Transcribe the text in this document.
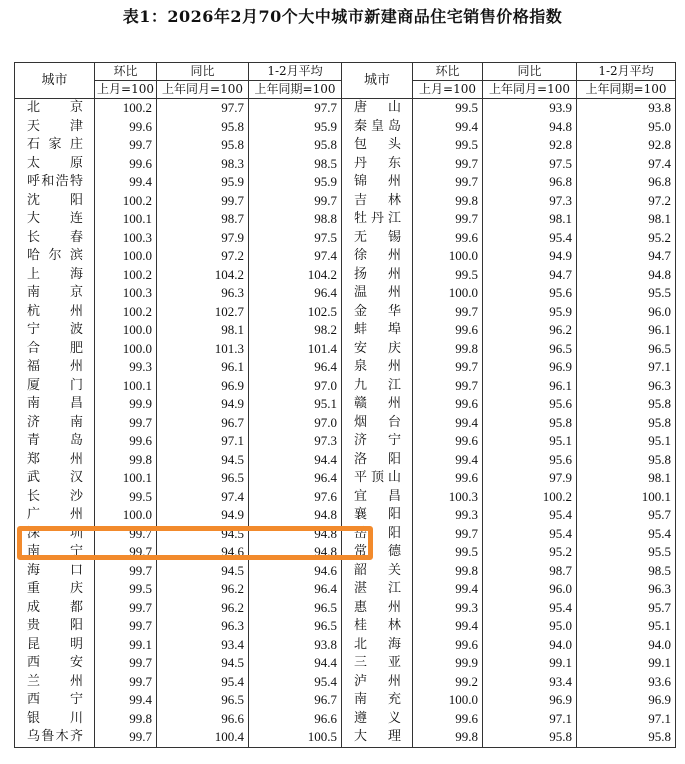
表1：2026年2月70个大中城市新建商品住宅销售价格指数
城市	环比	同比	1-2月平均	城市	环比	同比	1-2月平均
	上月=100	上年同月=100	上年同期=100		上月=100	上年同月=100	上年同期=100
北京	100.2	97.7	97.7	唐山	99.5	93.9	93.8
天津	99.6	95.8	95.9	秦皇岛	99.4	94.8	95.0
石家庄	99.7	95.8	95.8	包头	99.5	92.8	92.8
太原	99.6	98.3	98.5	丹东	99.7	97.5	97.4
呼和浩特	99.4	95.9	95.9	锦州	99.7	96.8	96.8
沈阳	100.2	99.7	99.7	吉林	99.8	97.3	97.2
大连	100.1	98.7	98.8	牡丹江	99.7	98.1	98.1
长春	100.3	97.9	97.5	无锡	99.6	95.4	95.2
哈尔滨	100.0	97.2	97.4	徐州	100.0	94.9	94.7
上海	100.2	104.2	104.2	扬州	99.5	94.7	94.8
南京	100.3	96.3	96.4	温州	100.0	95.6	95.5
杭州	100.2	102.7	102.5	金华	99.7	95.9	96.0
宁波	100.0	98.1	98.2	蚌埠	99.6	96.2	96.1
合肥	100.0	101.3	101.4	安庆	99.8	96.5	96.5
福州	99.3	96.1	96.4	泉州	99.7	96.9	97.1
厦门	100.1	96.9	97.0	九江	99.7	96.1	96.3
南昌	99.9	94.9	95.1	赣州	99.6	95.6	95.8
济南	99.7	96.7	97.0	烟台	99.4	95.8	95.8
青岛	99.6	97.1	97.3	济宁	99.6	95.1	95.1
郑州	99.8	94.5	94.4	洛阳	99.4	95.6	95.8
武汉	100.1	96.5	96.4	平顶山	99.6	97.9	98.1
长沙	99.5	97.4	97.6	宜昌	100.3	100.2	100.1
广州	100.0	94.9	94.8	襄阳	99.3	95.4	95.7
深圳	99.7	94.5	94.8	岳阳	99.7	95.4	95.4
南宁	99.7	94.6	94.8	常德	99.5	95.2	95.5
海口	99.7	94.5	94.6	韶关	99.8	98.7	98.5
重庆	99.5	96.2	96.4	湛江	99.4	96.0	96.3
成都	99.7	96.2	96.5	惠州	99.3	95.4	95.7
贵阳	99.7	96.3	96.5	桂林	99.4	95.0	95.1
昆明	99.1	93.4	93.8	北海	99.6	94.0	94.0
西安	99.7	94.5	94.4	三亚	99.9	99.1	99.1
兰州	99.7	95.4	95.4	泸州	99.2	93.4	93.6
西宁	99.4	96.5	96.7	南充	100.0	96.9	96.9
银川	99.8	96.6	96.6	遵义	99.6	97.1	97.1
乌鲁木齐	99.7	100.4	100.5	大理	99.8	95.8	95.8
